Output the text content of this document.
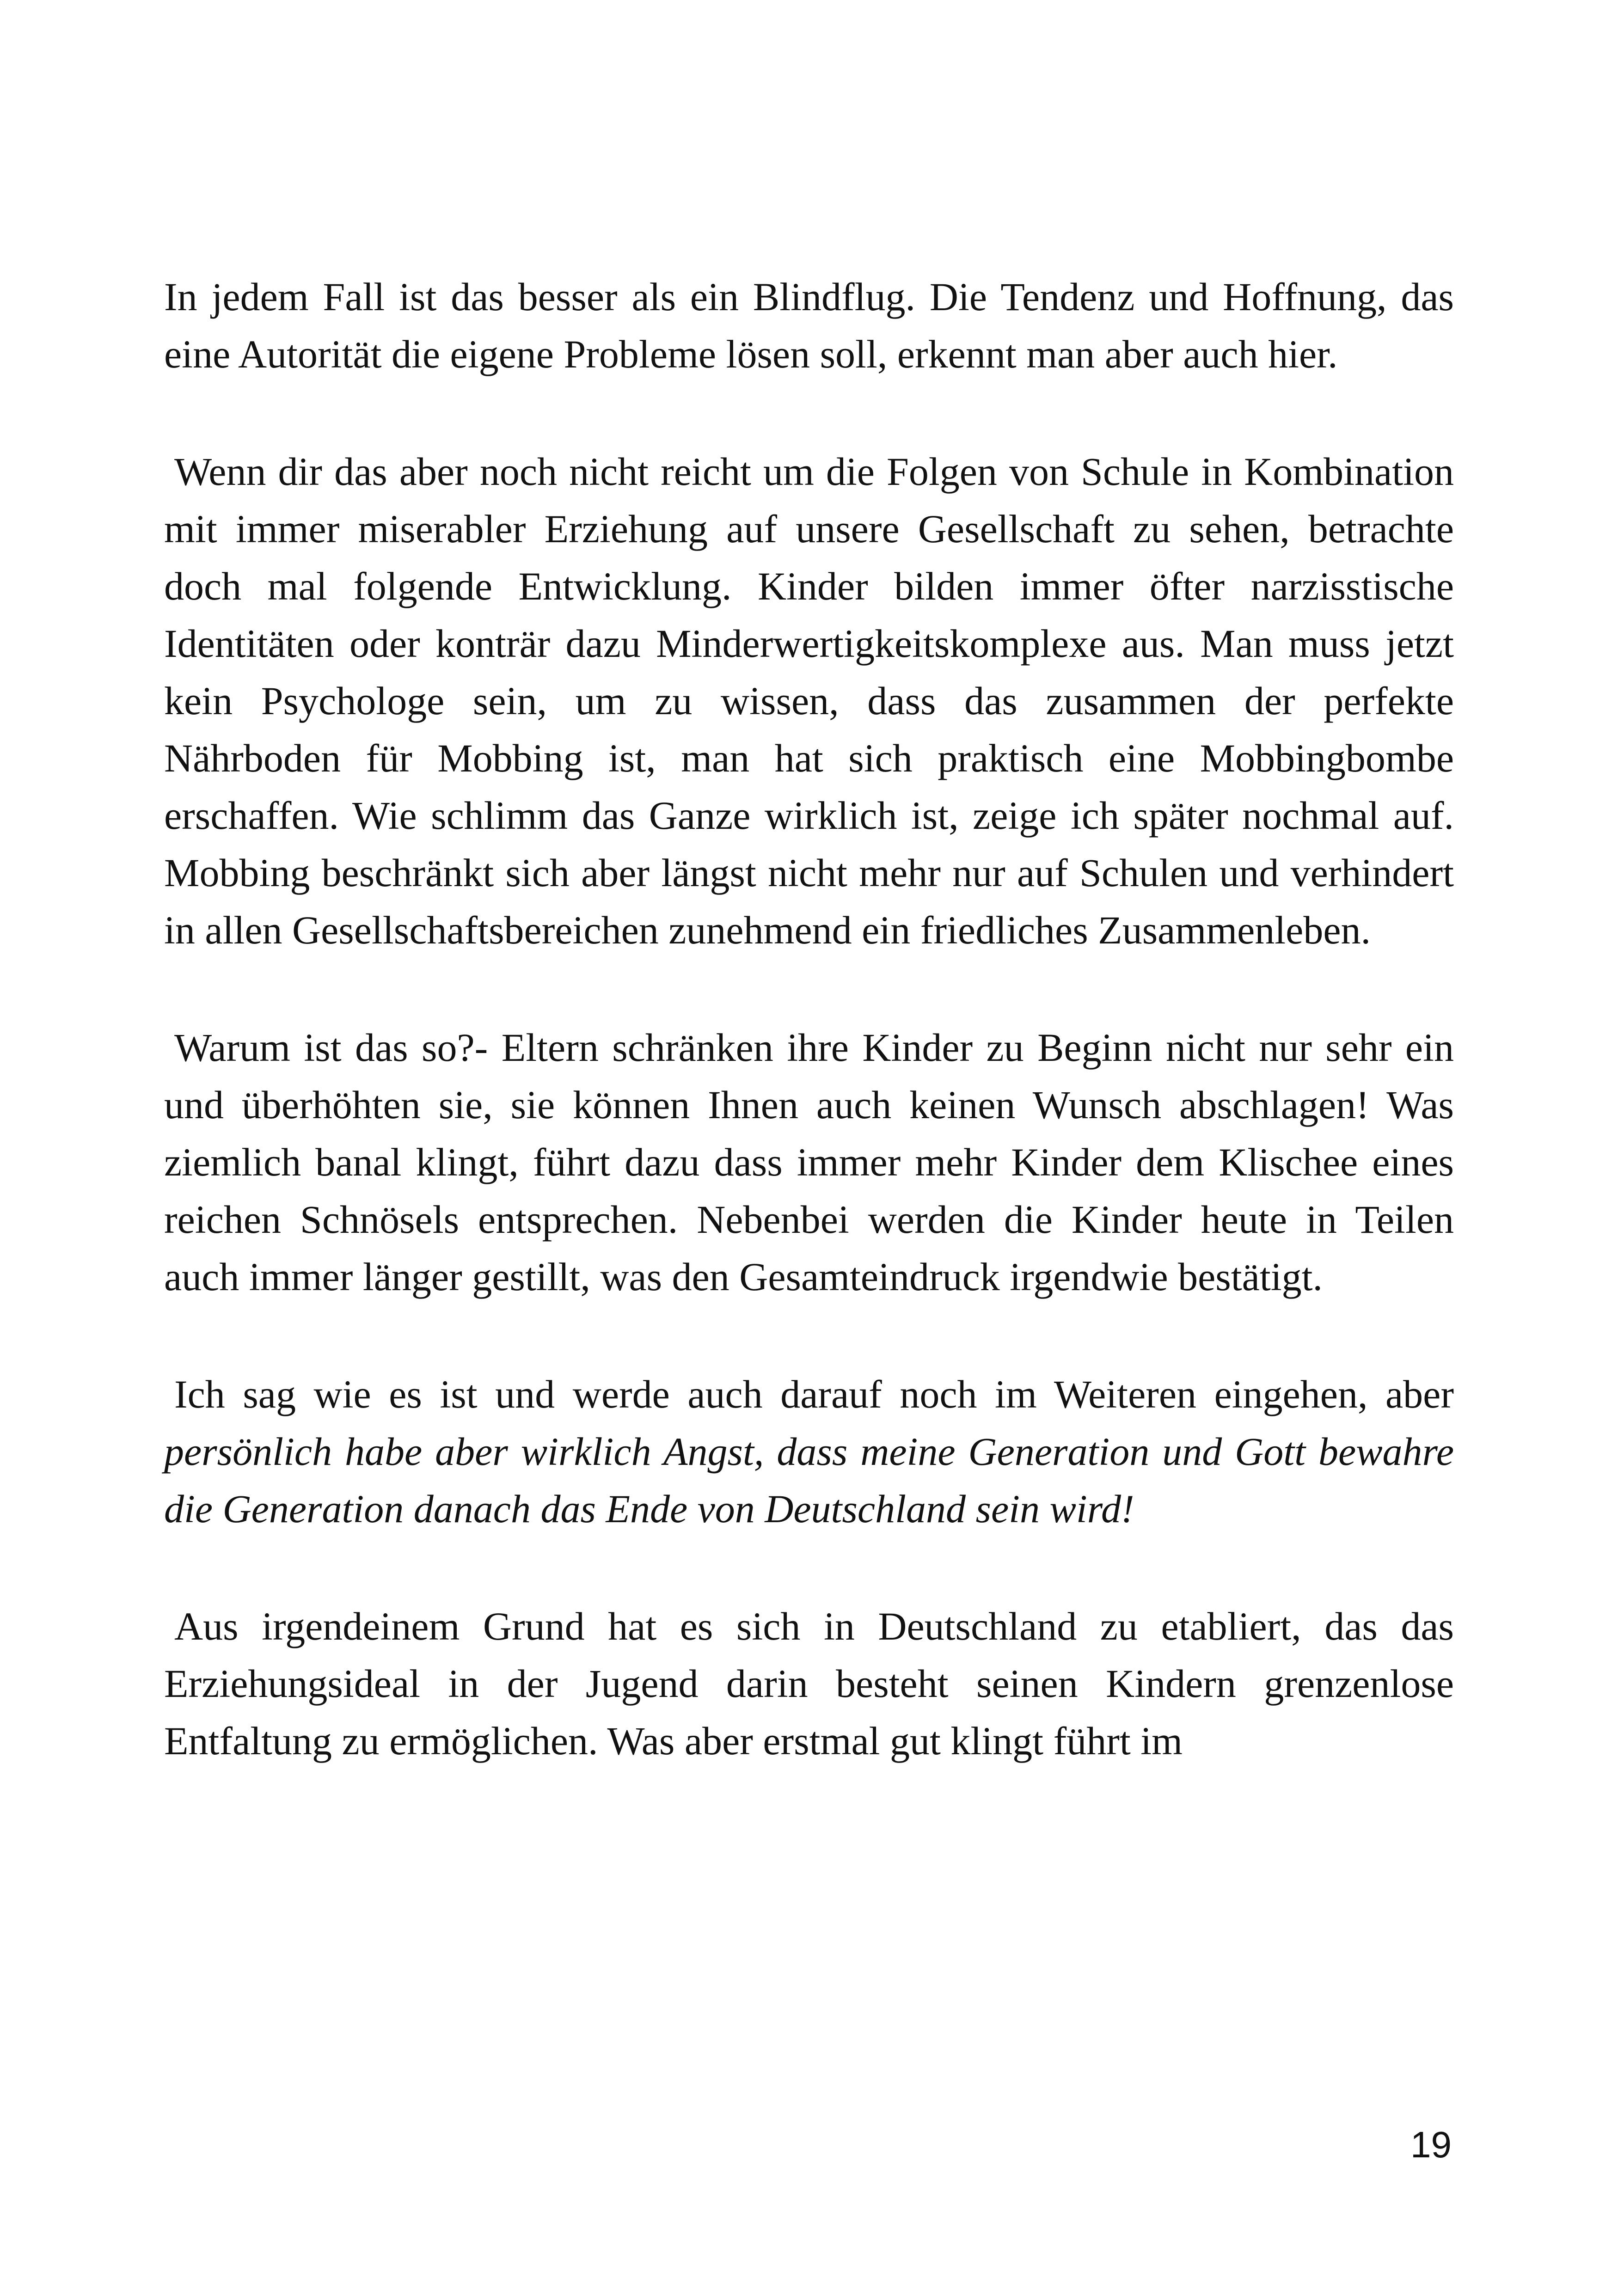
In jedem Fall ist das besser als ein Blindflug. Die Tendenz und Hoffnung, das eine Autorität die eigene Probleme lösen soll, erkennt man aber auch hier.

Wenn dir das aber noch nicht reicht um die Folgen von Schule in Kombination mit immer miserabler Erziehung auf unsere Gesellschaft zu sehen, betrachte doch mal folgende Entwicklung. Kinder bilden immer öfter narzisstische Identitäten oder konträr dazu Minderwertigkeitskomplexe aus. Man muss jetzt kein Psychologe sein, um zu wissen, dass das zusammen der perfekte Nährboden für Mobbing ist, man hat sich praktisch eine Mobbingbombe erschaffen. Wie schlimm das Ganze wirklich ist, zeige ich später nochmal auf. Mobbing beschränkt sich aber längst nicht mehr nur auf Schulen und verhindert in allen Gesellschaftsbereichen zunehmend ein friedliches Zusammenleben.

Warum ist das so?- Eltern schränken ihre Kinder zu Beginn nicht nur sehr ein und überhöhten sie, sie können Ihnen auch keinen Wunsch abschlagen! Was ziemlich banal klingt, führt dazu dass immer mehr Kinder dem Klischee eines reichen Schnösels entsprechen. Nebenbei werden die Kinder heute in Teilen auch immer länger gestillt, was den Gesamteindruck irgendwie bestätigt.

Ich sag wie es ist und werde auch darauf noch im Weiteren eingehen, aber persönlich habe aber wirklich Angst, dass meine Generation und Gott bewahre die Generation danach das Ende von Deutschland sein wird!

Aus irgendeinem Grund hat es sich in Deutschland zu etabliert, das das Erziehungsideal in der Jugend darin besteht seinen Kindern grenzenlose Entfaltung zu ermöglichen. Was aber erstmal gut klingt führt im

19
